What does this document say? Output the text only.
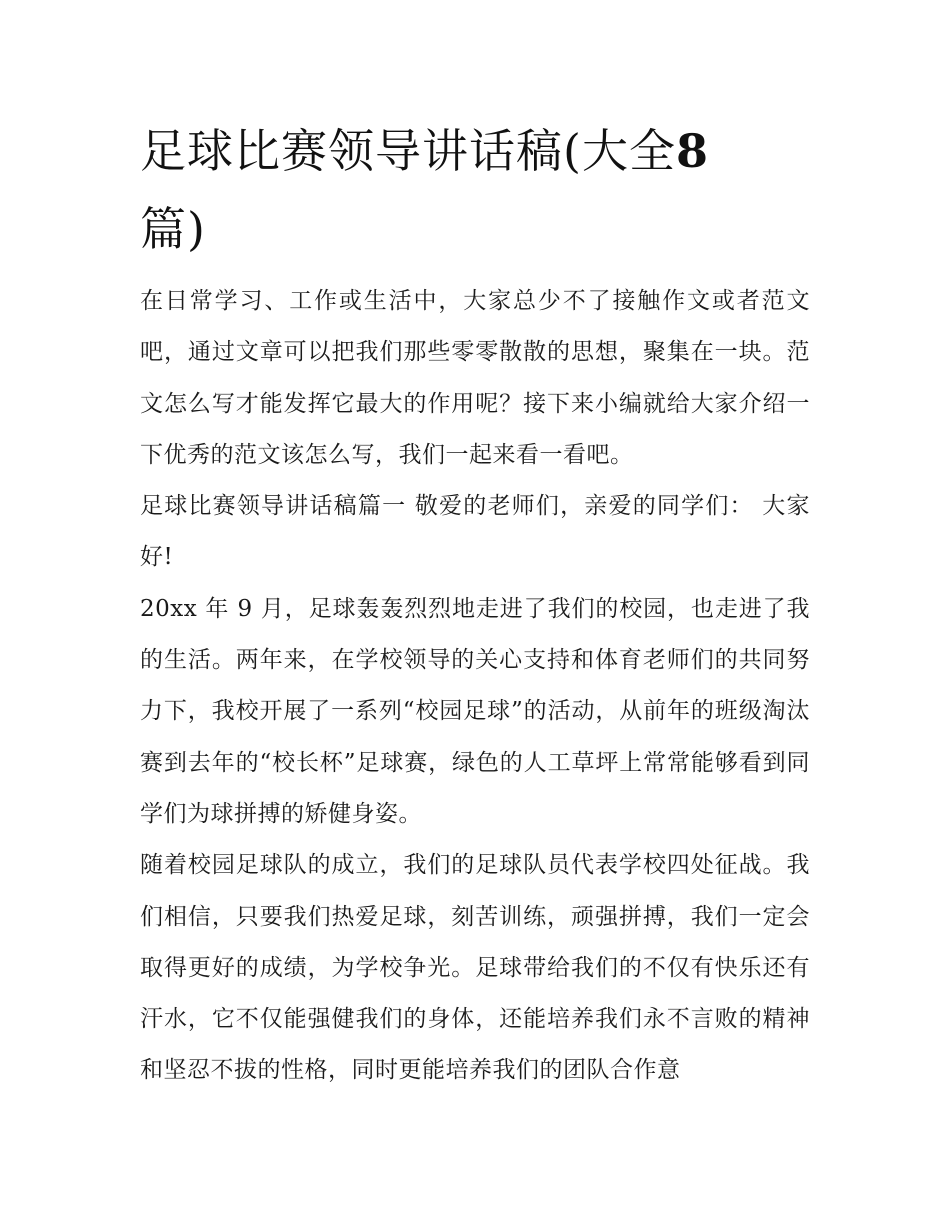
足球比赛领导讲话稿(大全8
篇)

在日常学习、工作或生活中，大家总少不了接触作文或者范文吧，通过文章可以把我们那些零零散散的思想，聚集在一块。范文怎么写才能发挥它最大的作用呢？接下来小编就给大家介绍一下优秀的范文该怎么写，我们一起来看一看吧。

足球比赛领导讲话稿篇一 敬爱的老师们，亲爱的同学们： 大家好!

20xx 年 9 月，足球轰轰烈烈地走进了我们的校园，也走进了我的生活。两年来，在学校领导的关心支持和体育老师们的共同努力下，我校开展了一系列“校园足球”的活动，从前年的班级淘汰赛到去年的“校长杯”足球赛，绿色的人工草坪上常常能够看到同学们为球拼搏的矫健身姿。

随着校园足球队的成立，我们的足球队员代表学校四处征战。我们相信，只要我们热爱足球，刻苦训练，顽强拼搏，我们一定会取得更好的成绩，为学校争光。足球带给我们的不仅有快乐还有汗水，它不仅能强健我们的身体，还能培养我们永不言败的精神和坚忍不拔的性格，同时更能培养我们的团队合作意
